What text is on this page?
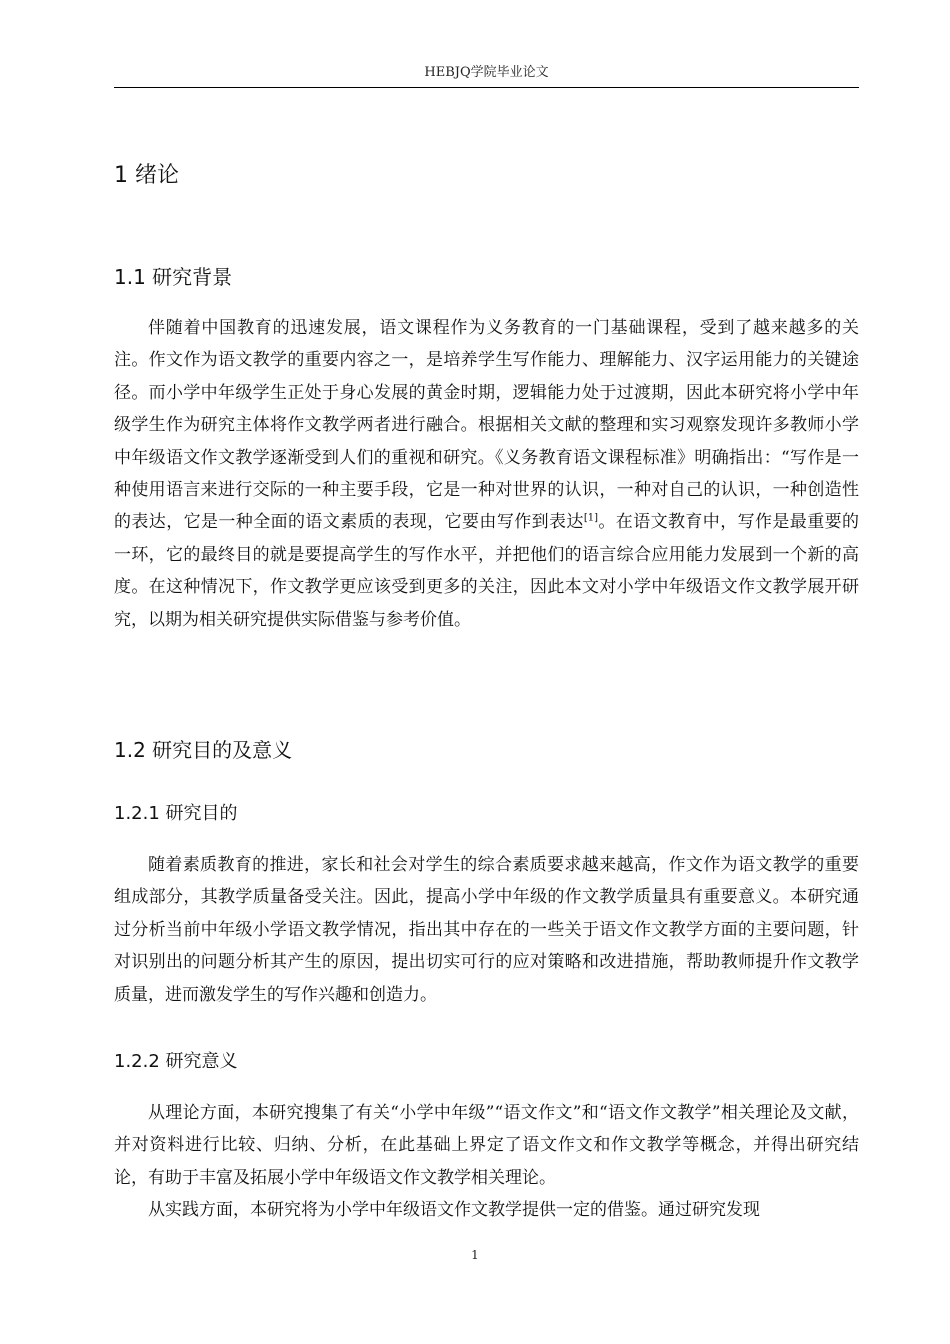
HEBJQ学院毕业论文
1 绪论
1.1 研究背景

伴随着中国教育的迅速发展，语文课程作为义务教育的一门基础课程，受到了越来越多的关注。作文作为语文教学的重要内容之一，是培养学生写作能力、理解能力、汉字运用能力的关键途径。而小学中年级学生正处于身心发展的黄金时期，逻辑能力处于过渡期，因此本研究将小学中年级学生作为研究主体将作文教学两者进行融合。根据相关文献的整理和实习观察发现许多教师小学中年级语文作文教学逐渐受到人们的重视和研究。《义务教育语文课程标准》明确指出：“写作是一种使用语言来进行交际的一种主要手段，它是一种对世界的认识，一种对自己的认识，一种创造性的表达，它是一种全面的语文素质的表现，它要由写作到表达[1]。在语文教育中，写作是最重要的一环，它的最终目的就是要提高学生的写作水平，并把他们的语言综合应用能力发展到一个新的高度。在这种情况下，作文教学更应该受到更多的关注，因此本文对小学中年级语文作文教学展开研究，以期为相关研究提供实际借鉴与参考价值。

1.2 研究目的及意义
1.2.1 研究目的

随着素质教育的推进，家长和社会对学生的综合素质要求越来越高，作文作为语文教学的重要组成部分，其教学质量备受关注。因此，提高小学中年级的作文教学质量具有重要意义。本研究通过分析当前中年级小学语文教学情况，指出其中存在的一些关于语文作文教学方面的主要问题，针对识别出的问题分析其产生的原因，提出切实可行的应对策略和改进措施，帮助教师提升作文教学质量，进而激发学生的写作兴趣和创造力。

1.2.2 研究意义

从理论方面，本研究搜集了有关“小学中年级”“语文作文”和“语文作文教学”相关理论及文献，并对资料进行比较、归纳、分析，在此基础上界定了语文作文和作文教学等概念，并得出研究结论，有助于丰富及拓展小学中年级语文作文教学相关理论。

从实践方面，本研究将为小学中年级语文作文教学提供一定的借鉴。通过研究发现

1
